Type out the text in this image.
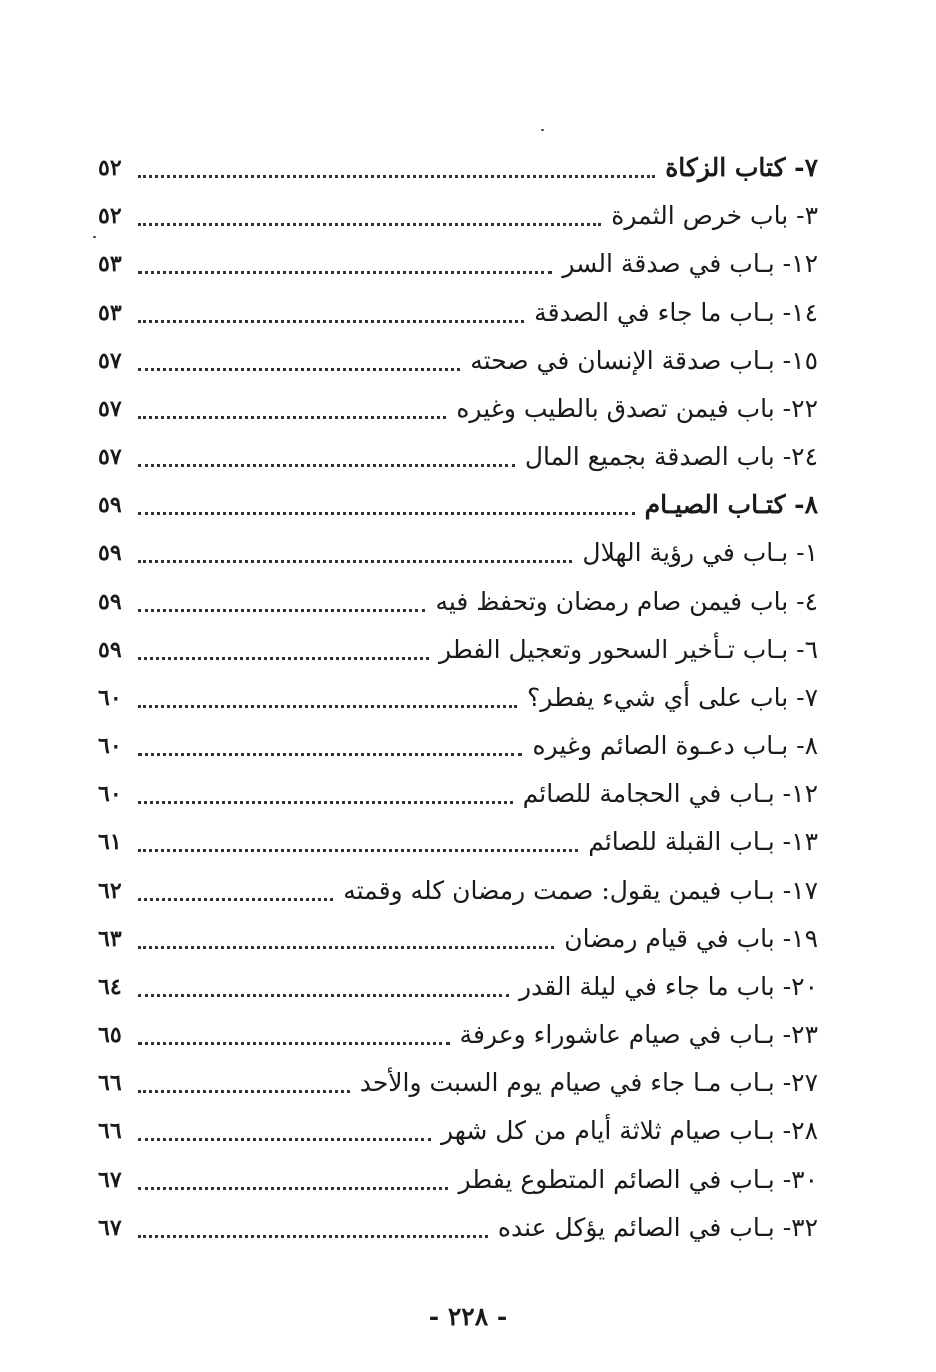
٧- كتاب الزكاة
٥٢
٣- باب خرص الثمرة
٥٢
١٢- بـاب في صدقة السر
٥٣
١٤- بـاب ما جاء في الصدقة
٥٣
١٥- بـاب صدقة الإنسان في صحته
٥٧
٢٢- باب فيمن تصدق بالطيب وغيره
٥٧
٢٤- باب الصدقة بجميع المال
٥٧
٨- كتـاب الصيـام
٥٩
١- بـاب في رؤية الهلال
٥٩
٤- باب فيمن صام رمضان وتحفظ فيه
٥٩
٦- بـاب تـأخير السحور وتعجيل الفطر
٥٩
٧- باب على أي شيء يفطر؟
٦٠
٨- بـاب دعـوة الصائم وغيره
٦٠
١٢- بـاب في الحجامة للصائم
٦٠
١٣- بـاب القبلة للصائم
٦١
١٧- بـاب فيمن يقول: صمت رمضان كله وقمته
٦٢
١٩- باب في قيام رمضان
٦٣
٢٠- باب ما جاء في ليلة القدر
٦٤
٢٣- بـاب في صيام عاشوراء وعرفة
٦٥
٢٧- بـاب مـا جاء في صيام يوم السبت والأحد
٦٦
٢٨- بـاب صيام ثلاثة أيام من كل شهر
٦٦
٣٠- بـاب في الصائم المتطوع يفطر
٦٧
٣٢- بـاب في الصائم يؤكل عنده
٦٧
- ٢٢٨ -
